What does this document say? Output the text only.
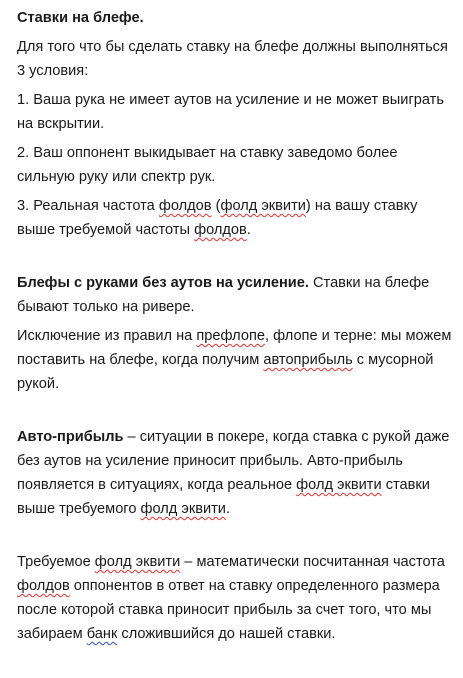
Ставки на блефе.

Для того что бы сделать ставку на блефе должны выполняться 3 условия:

1. Ваша рука не имеет аутов на усиление и не может выиграть на вскрытии.

2. Ваш оппонент выкидывает на ставку заведомо более сильную руку или спектр рук.

3. Реальная частота фолдов (фолд эквити) на вашу ставку выше требуемой частоты фолдов.

Блефы с руками без аутов на усиление. Ставки на блефе бывают только на ривере.

Исключение из правил на префлопе, флопе и терне: мы можем поставить на блефе, когда получим автоприбыль с мусорной рукой.

Авто-прибыль – ситуации в покере, когда ставка с рукой даже без аутов на усиление приносит прибыль. Авто-прибыль появляется в ситуациях, когда реальное фолд эквити ставки выше требуемого фолд эквити.

Требуемое фолд эквити – математически посчитанная частота фолдов оппонентов в ответ на ставку определенного размера после которой ставка приносит прибыль за счет того, что мы забираем банк сложившийся до нашей ставки.
